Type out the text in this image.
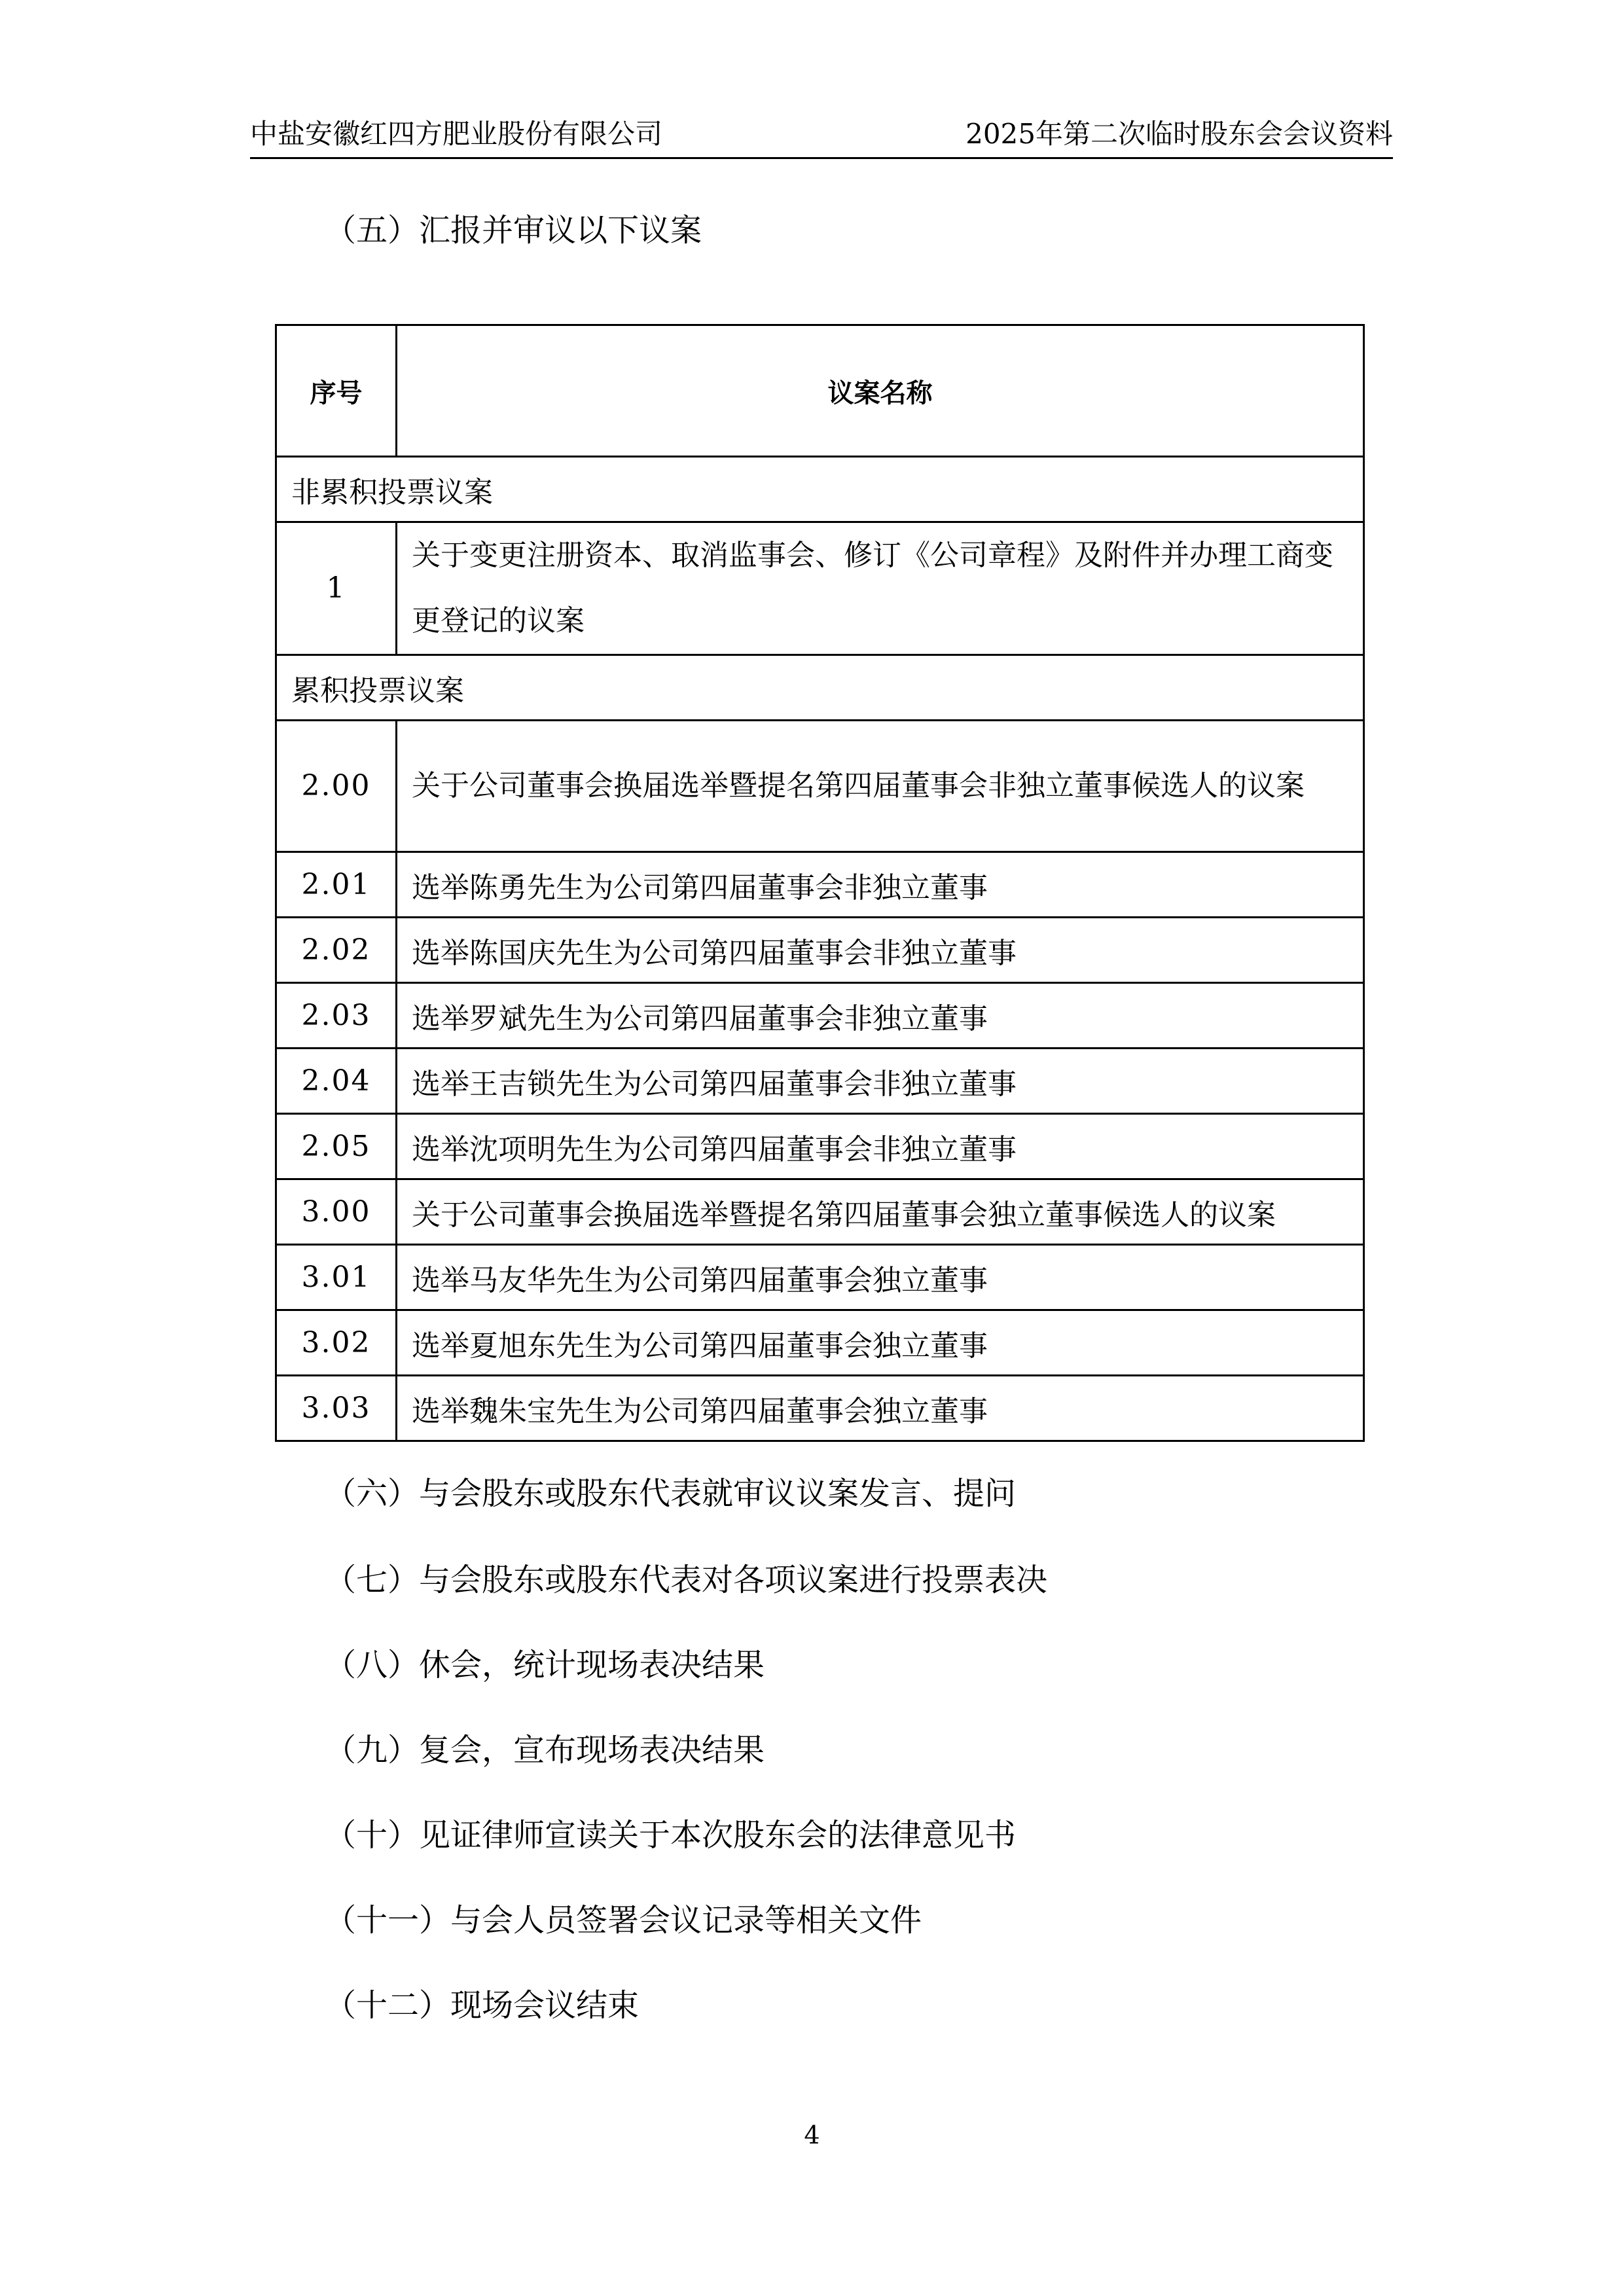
中盐安徽红四方肥业股份有限公司	2025年第二次临时股东会会议资料
（五）汇报并审议以下议案
序号	议案名称
非累积投票议案	
1	关于变更注册资本、取消监事会、修订《公司章程》及附件并办理工商变更登记的议案
累积投票议案	
2.00	关于公司董事会换届选举暨提名第四届董事会非独立董事候选人的议案
2.01	选举陈勇先生为公司第四届董事会非独立董事
2.02	选举陈国庆先生为公司第四届董事会非独立董事
2.03	选举罗斌先生为公司第四届董事会非独立董事
2.04	选举王吉锁先生为公司第四届董事会非独立董事
2.05	选举沈项明先生为公司第四届董事会非独立董事
3.00	关于公司董事会换届选举暨提名第四届董事会独立董事候选人的议案
3.01	选举马友华先生为公司第四届董事会独立董事
3.02	选举夏旭东先生为公司第四届董事会独立董事
3.03	选举魏朱宝先生为公司第四届董事会独立董事
（六）与会股东或股东代表就审议议案发言、提问
（七）与会股东或股东代表对各项议案进行投票表决
（八）休会，统计现场表决结果
（九）复会，宣布现场表决结果
（十）见证律师宣读关于本次股东会的法律意见书
（十一）与会人员签署会议记录等相关文件
（十二）现场会议结束
4
